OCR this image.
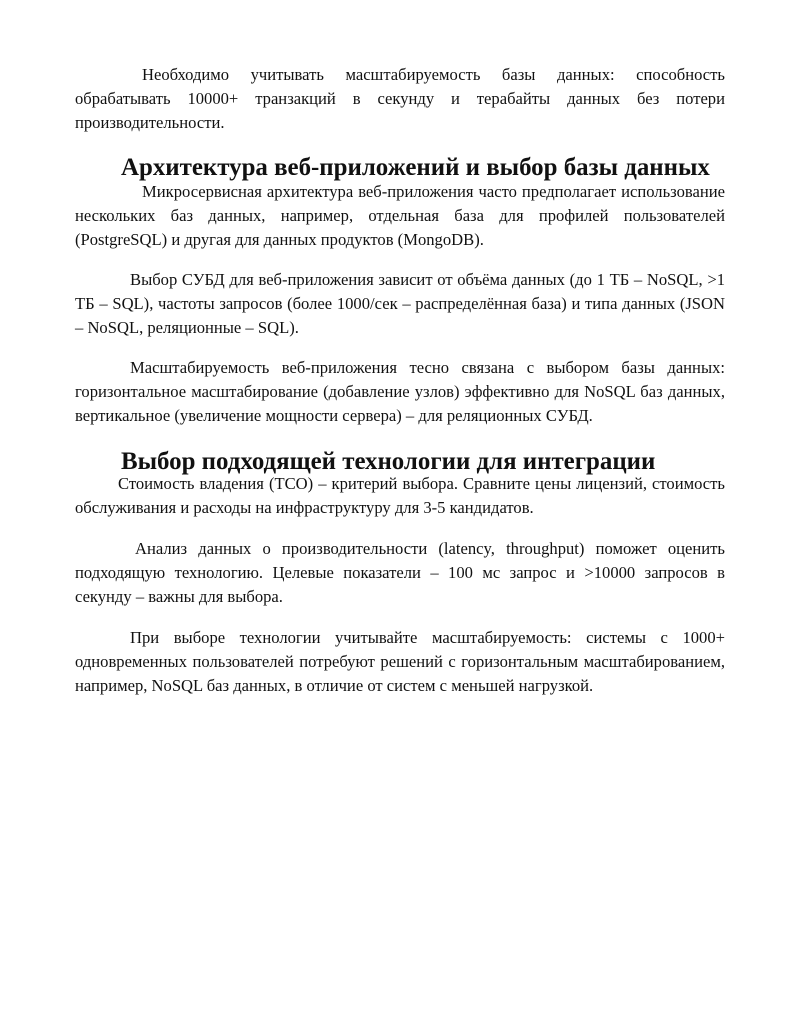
Необходимо учитывать масштабируемость базы данных: способность обрабатывать 10000+ транзакций в секунду и терабайты данных без потери производительности.

Архитектура веб-приложений и выбор базы данных

Микросервисная архитектура веб-приложения часто предполагает использование нескольких баз данных, например, отдельная база для профилей пользователей (PostgreSQL) и другая для данных продуктов (MongoDB).

Выбор СУБД для веб-приложения зависит от объёма данных (до 1 ТБ – NoSQL, >1 ТБ – SQL), частоты запросов (более 1000/сек – распределённая база) и типа данных (JSON – NoSQL, реляционные – SQL).

Масштабируемость веб-приложения тесно связана с выбором базы данных: горизонтальное масштабирование (добавление узлов) эффективно для NoSQL баз данных, вертикальное (увеличение мощности сервера) – для реляционных СУБД.

Выбор подходящей технологии для интеграции

Стоимость владения (TCO) – критерий выбора. Сравните цены лицензий, стоимость обслуживания и расходы на инфраструктуру для 3-5 кандидатов.

Анализ данных о производительности (latency, throughput) поможет оценить подходящую технологию. Целевые показатели – 100 мс запрос и >10000 запросов в секунду – важны для выбора.

При выборе технологии учитывайте масштабируемость: системы с 1000+ одновременных пользователей потребуют решений с горизонтальным масштабированием, например, NoSQL баз данных, в отличие от систем с меньшей нагрузкой.
